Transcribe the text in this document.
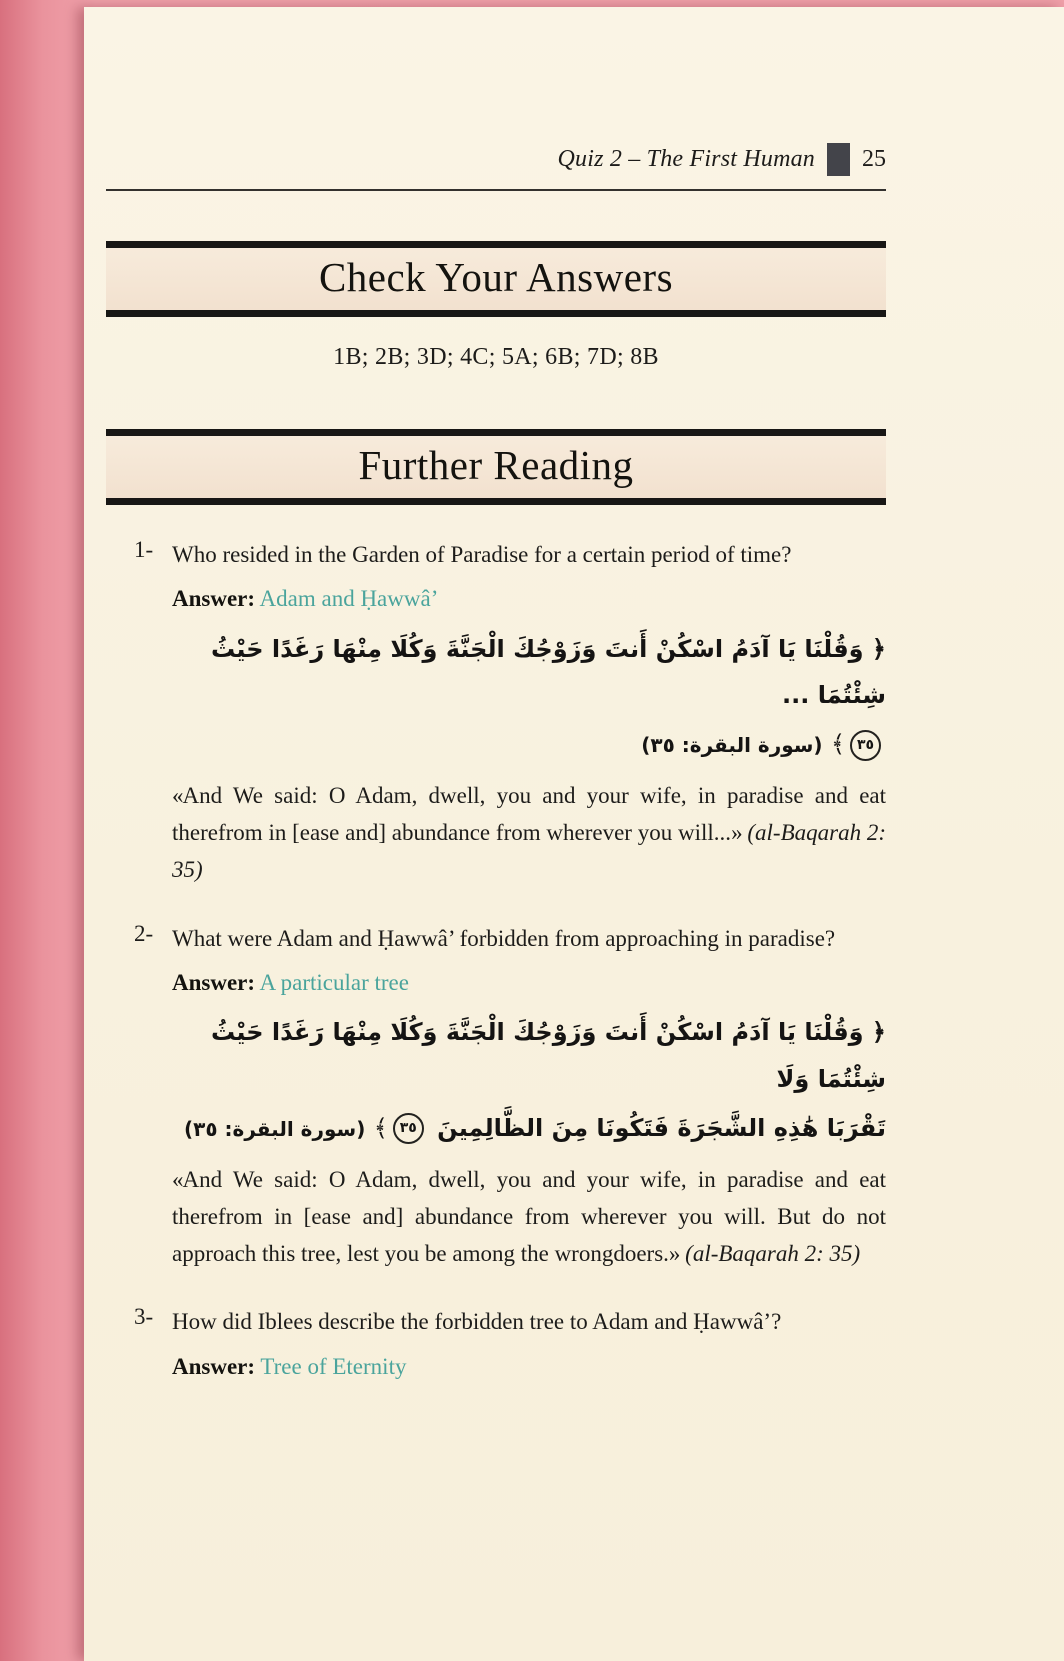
Quiz 2 – The First Human 25
Check Your Answers
1B; 2B; 3D; 4C; 5A; 6B; 7D; 8B
Further Reading
1- Who resided in the Garden of Paradise for a certain period of time?
Answer: Adam and Ḥawwâ’
﴿ وَقُلْنَا يَا آدَمُ اسْكُنْ أَنتَ وَزَوْجُكَ الْجَنَّةَ وَكُلَا مِنْهَا رَغَدًا حَيْثُ شِئْتُمَا ...
٣٥﴾ (سورة البقرة: ٣٥)

«And We said: O Adam, dwell, you and your wife, in paradise and eat therefrom in [ease and] abundance from wherever you will...» (al-Baqarah 2: 35)

2- What were Adam and Ḥawwâ’ forbidden from approaching in paradise?
Answer: A particular tree
﴿ وَقُلْنَا يَا آدَمُ اسْكُنْ أَنتَ وَزَوْجُكَ الْجَنَّةَ وَكُلَا مِنْهَا رَغَدًا حَيْثُ شِئْتُمَا وَلَا
تَقْرَبَا هَٰذِهِ الشَّجَرَةَ فَتَكُونَا مِنَ الظَّالِمِينَ ٣٥﴾ (سورة البقرة: ٣٥)

«And We said: O Adam, dwell, you and your wife, in paradise and eat therefrom in [ease and] abundance from wherever you will. But do not approach this tree, lest you be among the wrongdoers.» (al-Baqarah 2: 35)

3- How did Iblees describe the forbidden tree to Adam and Ḥawwâ’?
Answer: Tree of Eternity
